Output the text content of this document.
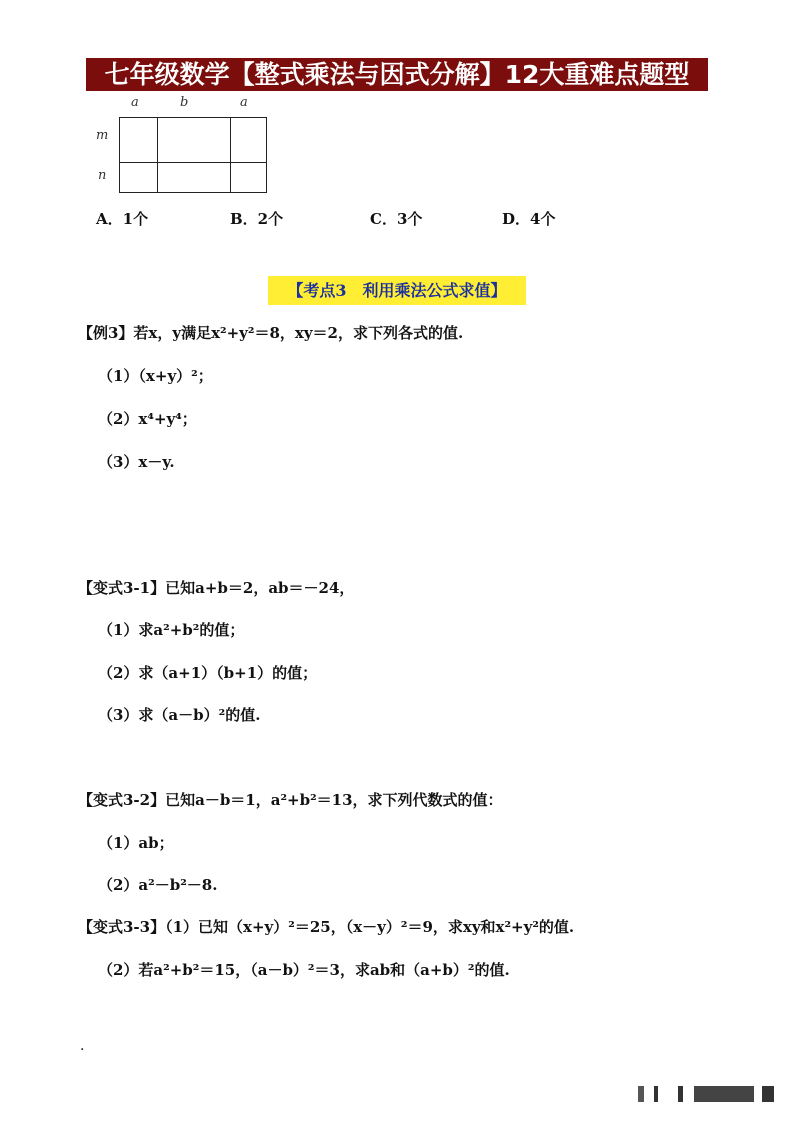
七年级数学【整式乘法与因式分解】12大重难点题型
a	b	a
m
n
A．1个	B．2个	C．3个	D．4个
【考点3　利用乘法公式求值】
【例3】若x，y满足x²+y²＝8，xy＝2，求下列各式的值.
（1）（x+y）²；
（2）x⁴+y⁴；
（3）x－y.
【变式3-1】已知a+b＝2，ab＝－24，
（1）求a²+b²的值；
（2）求（a+1）（b+1）的值；
（3）求（a－b）²的值.
【变式3-2】已知a－b＝1，a²+b²＝13，求下列代数式的值：
（1）ab；
（2）a²－b²－8.
【变式3-3】（1）已知（x+y）²＝25，（x－y）²＝9，求xy和x²+y²的值.
（2）若a²+b²＝15，（a－b）²＝3，求ab和（a+b）²的值.
.
